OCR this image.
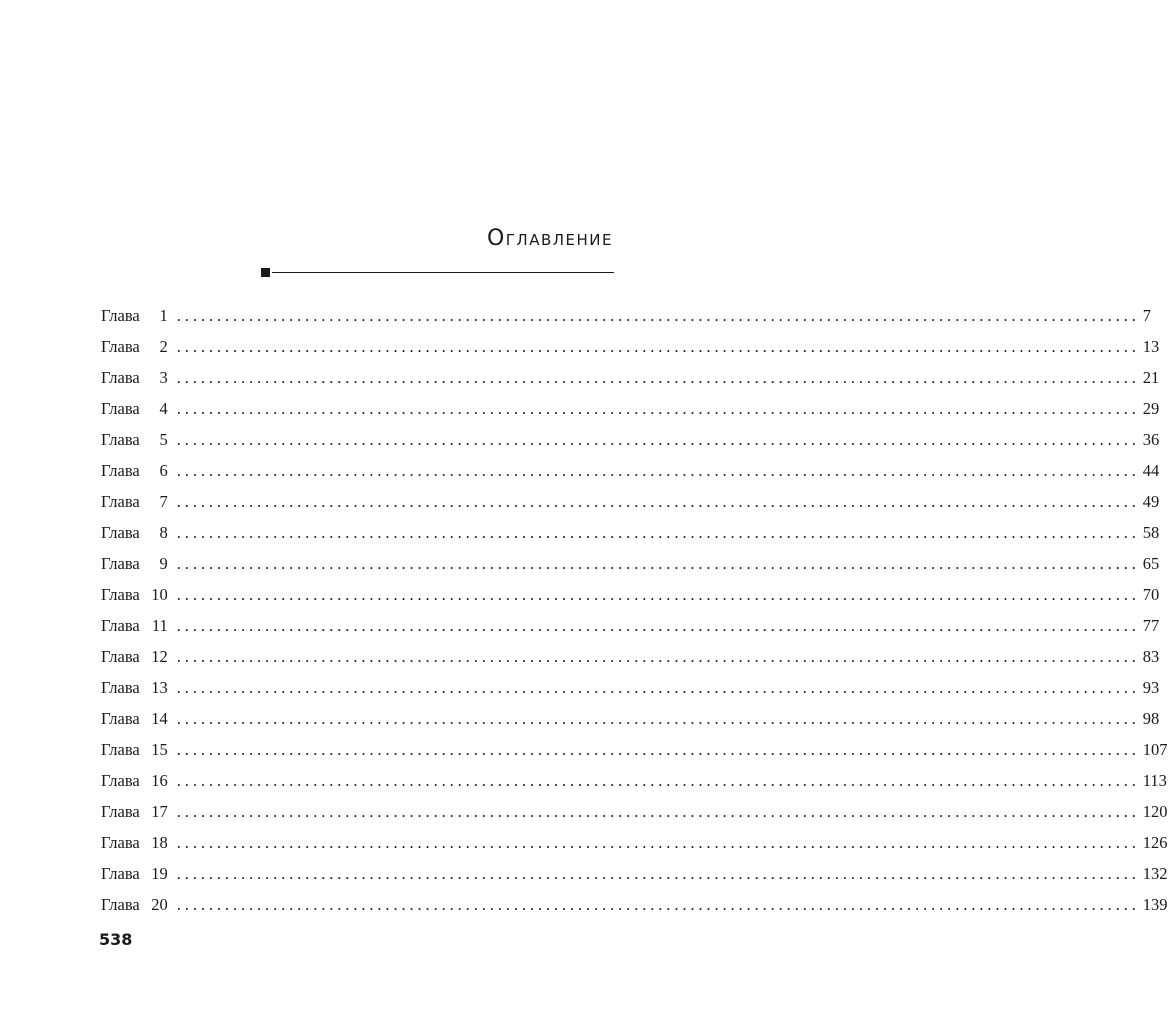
Оглавление
Глава	1 ........................................................................................................................ 7
Глава	2 ........................................................................................................................ 13
Глава	3 ........................................................................................................................ 21
Глава	4 ........................................................................................................................ 29
Глава	5 ........................................................................................................................ 36
Глава	6 ........................................................................................................................ 44
Глава	7 ........................................................................................................................ 49
Глава	8 ........................................................................................................................ 58
Глава	9 ........................................................................................................................ 65
Глава 10 ........................................................................................................................ 70
Глава 11 ........................................................................................................................ 77
Глава 12 ........................................................................................................................ 83
Глава 13 ........................................................................................................................ 93
Глава 14 ........................................................................................................................ 98
Глава 15 ........................................................................................................................ 107
Глава 16 ........................................................................................................................ 113
Глава 17 ........................................................................................................................ 120
Глава 18 ........................................................................................................................ 126
Глава 19 ........................................................................................................................ 132
Глава 20 ........................................................................................................................ 139
538
